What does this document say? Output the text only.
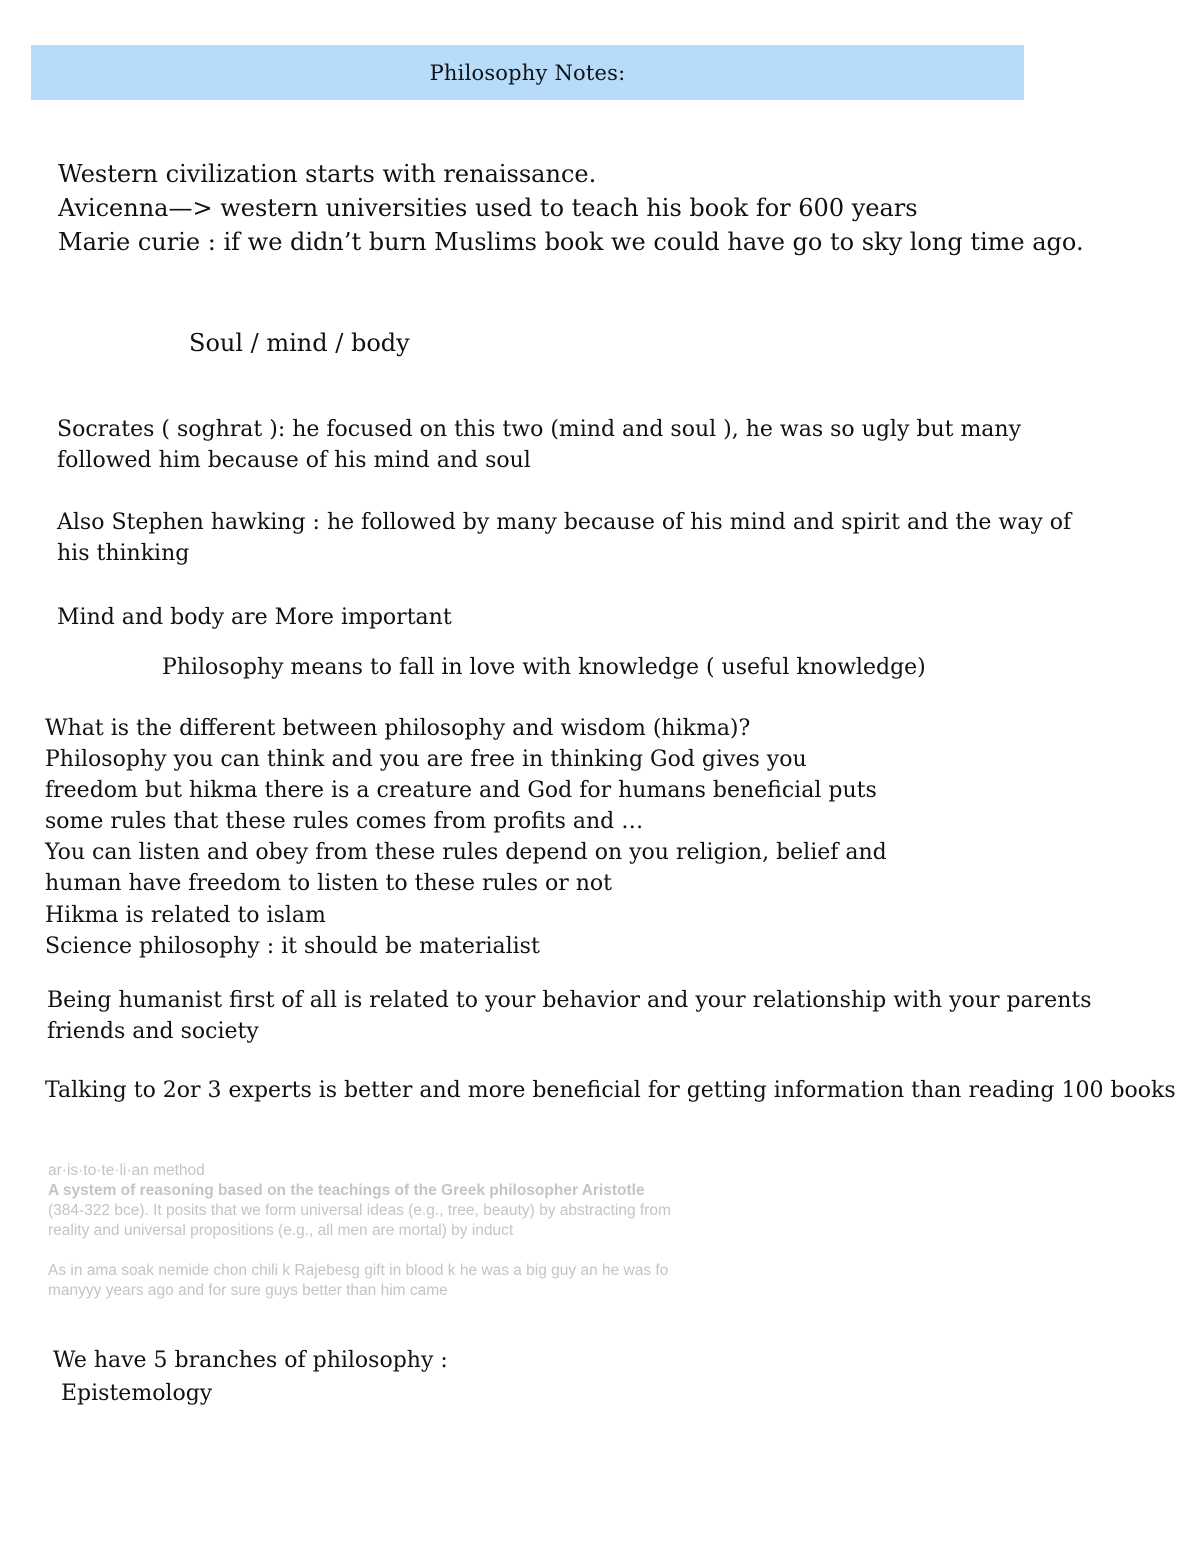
Philosophy Notes:

Western civilization starts with renaissance.

Avicenna—> western universities used to teach his book for 600 years

Marie curie : if we didn’t burn Muslims book we could have go to sky long time ago.

Soul / mind / body

Socrates ( soghrat ): he focused on this two (mind and soul ), he was so ugly but many

followed him because of his mind and soul

Also Stephen hawking : he followed by many because of his mind and spirit and the way of

his thinking

Mind and body are More important

Philosophy means to fall in love with knowledge ( useful knowledge)

What is the different between philosophy and wisdom (hikma)?

Philosophy you can think and you are free in thinking God gives you

freedom but hikma there is a creature and God for humans beneficial puts

some rules that these rules comes from profits and …

You can listen and obey from these rules depend on you religion, belief and

human have freedom to listen to these rules or not

Hikma is related to islam

Science philosophy : it should be materialist

Being humanist first of all is related to your behavior and your relationship with your parents

friends and society

Talking to 2or 3 experts is better and more beneficial for getting information than reading 100 books

ar·is·to·te·li·an method

A system of reasoning based on the teachings of the Greek philosopher Aristotle

(384-322 bce). It posits that we form universal ideas (e.g., tree, beauty) by abstracting from

reality and universal propositions (e.g., all men are mortal) by induct

As in ama soak nemide chon chili k Rajebesg gift in blood k he was a big guy an he was fo

manyyy years ago and for sure guys better than him came

We have 5 branches of philosophy :

Epistemology
